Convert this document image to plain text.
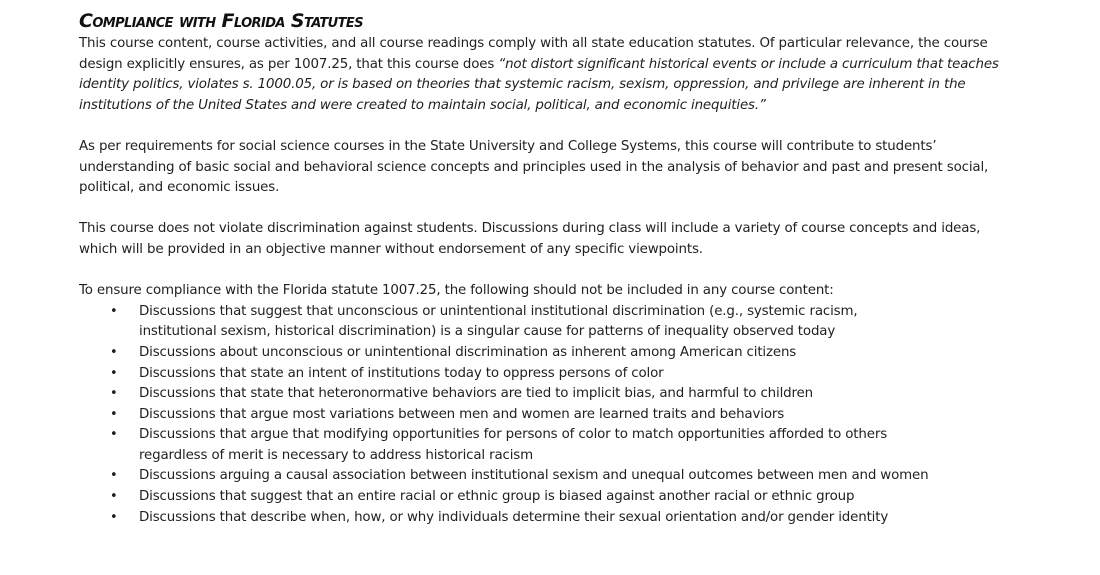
Compliance with Florida Statutes

This course content, course activities, and all course readings comply with all state education statutes. Of particular relevance, the course design explicitly ensures, as per 1007.25, that this course does “not distort significant historical events or include a curriculum that teaches identity politics, violates s. 1000.05, or is based on theories that systemic racism, sexism, oppression, and privilege are inherent in the institutions of the United States and were created to maintain social, political, and economic inequities.”

As per requirements for social science courses in the State University and College Systems, this course will contribute to students’ understanding of basic social and behavioral science concepts and principles used in the analysis of behavior and past and present social, political, and economic issues.

This course does not violate discrimination against students. Discussions during class will include a variety of course concepts and ideas, which will be provided in an objective manner without endorsement of any specific viewpoints.

To ensure compliance with the Florida statute 1007.25, the following should not be included in any course content:

• Discussions that suggest that unconscious or unintentional institutional discrimination (e.g., systemic racism, institutional sexism, historical discrimination) is a singular cause for patterns of inequality observed today
• Discussions about unconscious or unintentional discrimination as inherent among American citizens
• Discussions that state an intent of institutions today to oppress persons of color
• Discussions that state that heteronormative behaviors are tied to implicit bias, and harmful to children
• Discussions that argue most variations between men and women are learned traits and behaviors
• Discussions that argue that modifying opportunities for persons of color to match opportunities afforded to others regardless of merit is necessary to address historical racism
• Discussions arguing a causal association between institutional sexism and unequal outcomes between men and women
• Discussions that suggest that an entire racial or ethnic group is biased against another racial or ethnic group
• Discussions that describe when, how, or why individuals determine their sexual orientation and/or gender identity
